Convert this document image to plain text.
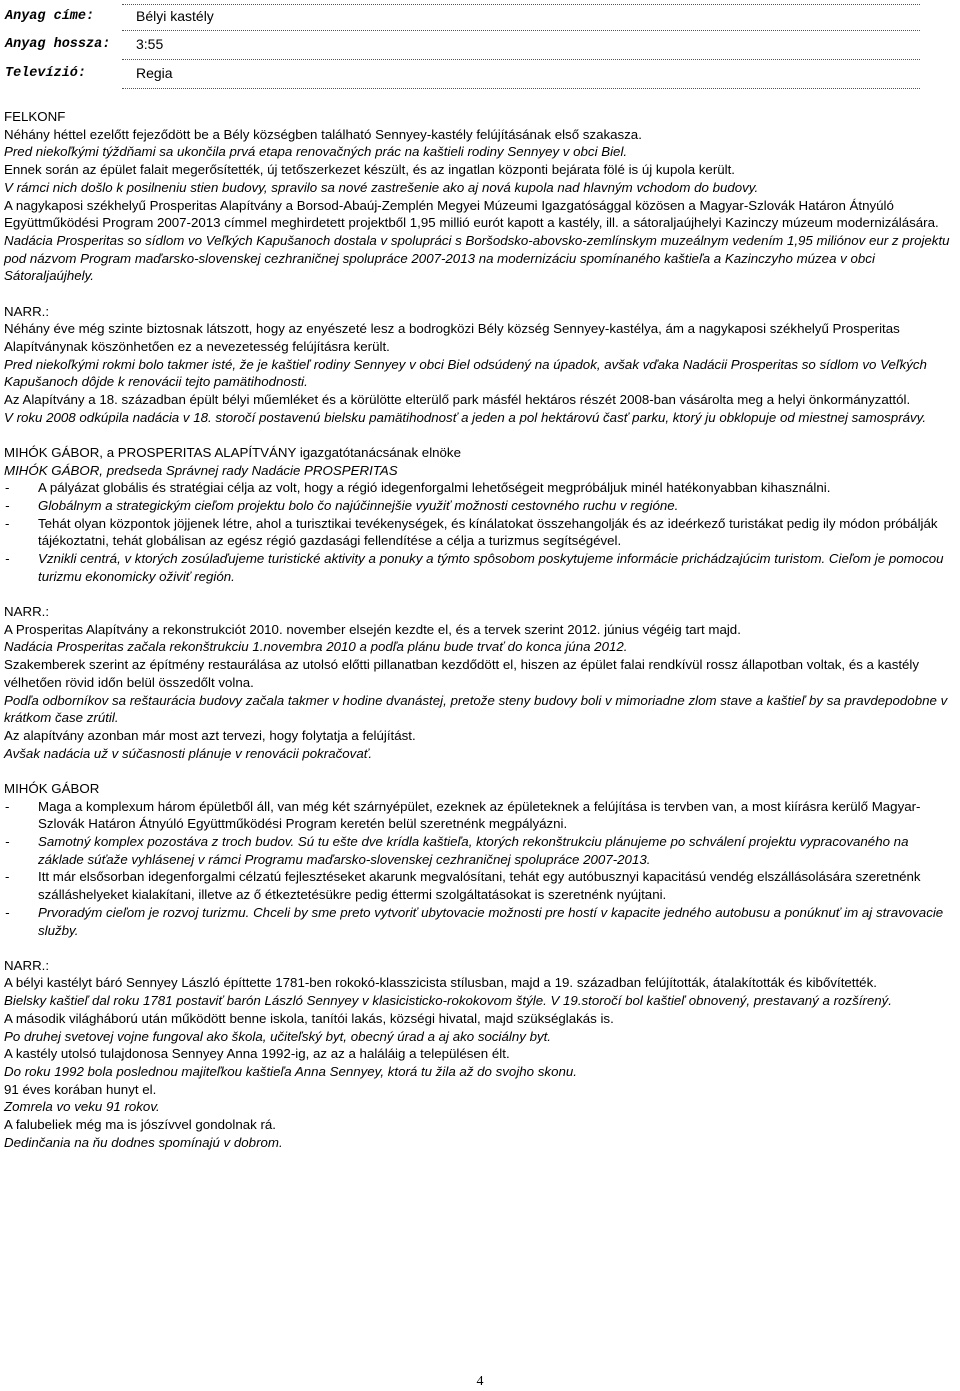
Anyag címe:	Bélyi kastély
Anyag hossza: 3:55
Televízió:	Regia

FELKONF

Néhány héttel ezelőtt fejeződött be a Bély községben található Sennyey-kastély felújításának első szakasza.

Pred niekoľkými týždňami sa ukončila prvá etapa renovačných prác na kaštieli rodiny Sennyey v obci Biel.

Ennek során az épület falait megerősítették, új tetőszerkezet készült, és az ingatlan központi bejárata fölé is új kupola került.

V rámci nich došlo k posilneniu stien budovy, spravilo sa nové zastrešenie ako aj nová kupola nad hlavným vchodom do budovy.

A nagykaposi székhelyű Prosperitas Alapítvány a Borsod-Abaúj-Zemplén Megyei Múzeumi Igazgatósággal közösen a Magyar-Szlovák Határon Átnyúló Együttműködési Program 2007-2013 címmel meghirdetett projektből 1,95 millió eurót kapott a kastély, ill. a sátoraljaújhelyi Kazinczy múzeum modernizálására.

Nadácia Prosperitas so sídlom vo Veľkých Kapušanoch dostala v spolupráci s Boršodsko-abovsko-zemlínskym muzeálnym vedením 1,95 miliónov eur z projektu pod názvom Program maďarsko-slovenskej cezhraničnej spolupráce 2007-2013 na modernizáciu spomínaného kaštieľa a Kazinczyho múzea v obci Sátoraljaújhely.

NARR.:

Néhány éve még szinte biztosnak látszott, hogy az enyészeté lesz a bodrogközi Bély község Sennyey-kastélya, ám a nagykaposi székhelyű Prosperitas Alapítványnak köszönhetően ez a nevezetesség felújításra került.

Pred niekoľkými rokmi bolo takmer isté, že je kaštieľ rodiny Sennyey v obci Biel odsúdený na úpadok, avšak vďaka Nadácii Prosperitas so sídlom vo Veľkých Kapušanoch dôjde k renovácii tejto pamätihodnosti.

Az Alapítvány a 18. században épült bélyi műemléket és a körülötte elterülő park másfél hektáros részét 2008-ban vásárolta meg a helyi önkormányzattól.

V roku 2008 odkúpila nadácia v 18. storočí postavenú bielsku pamätihodnosť a jeden a pol hektárovú časť parku, ktorý ju obklopuje od miestnej samosprávy.

MIHÓK GÁBOR, a PROSPERITAS ALAPÍTVÁNY igazgatótanácsának elnöke

MIHÓK GÁBOR, predseda Správnej rady Nadácie PROSPERITAS

-	A pályázat globális és stratégiai célja az volt, hogy a régió idegenforgalmi lehetőségeit megpróbáljuk minél hatékonyabban kihasználni.
-	Globálnym a strategickým cieľom projektu bolo čo najúčinnejšie využiť možnosti cestovného ruchu v regióne.
-	Tehát olyan központok jöjjenek létre, ahol a turisztikai tevékenységek, és kínálatokat összehangolják és az ideérkező turistákat pedig ily módon próbálják tájékoztatni, tehát globálisan az egész régió gazdasági fellendítése a célja a turizmus segítségével.
-	Vznikli centrá, v ktorých zosúlaďujeme turistické aktivity a ponuky a týmto spôsobom poskytujeme informácie prichádzajúcim turistom. Cieľom je pomocou turizmu ekonomicky oživiť región.

NARR.:

A Prosperitas Alapítvány a rekonstrukciót 2010. november elsején kezdte el, és a tervek szerint 2012. június végéig tart majd.

Nadácia Prosperitas začala rekonštrukciu 1.novembra 2010 a podľa plánu bude trvať do konca júna 2012.

Szakemberek szerint az építmény restaurálása az utolsó előtti pillanatban kezdődött el, hiszen az épület falai rendkívül rossz állapotban voltak, és a kastély vélhetően rövid időn belül összedőlt volna.

Podľa odborníkov sa reštaurácia budovy začala takmer v hodine dvanástej, pretože steny budovy boli v mimoriadne zlom stave a kaštieľ by sa pravdepodobne v krátkom čase zrútil.

Az alapítvány azonban már most azt tervezi, hogy folytatja a felújítást.

Avšak nadácia už v súčasnosti plánuje v renovácii pokračovať.

MIHÓK GÁBOR

-	Maga a komplexum három épületből áll, van még két szárnyépület, ezeknek az épületeknek a felújítása is tervben van, a most kiírásra kerülő Magyar-Szlovák Határon Átnyúló Együttműködési Program keretén belül szeretnénk megpályázni.
-	Samotný komplex pozostáva z troch budov. Sú tu ešte dve krídla kaštieľa, ktorých rekonštrukciu plánujeme po schválení projektu vypracovaného na základe súťaže vyhlásenej v rámci Programu maďarsko-slovenskej cezhraničnej spolupráce 2007-2013.
-	Itt már elsősorban idegenforgalmi célzatú fejlesztéseket akarunk megvalósítani, tehát egy autóbusznyi kapacitású vendég elszállásolására szeretnénk szálláshelyeket kialakítani, illetve az ő étkeztetésükre pedig éttermi szolgáltatásokat is szeretnénk nyújtani.
-	Prvoradým cieľom je rozvoj turizmu. Chceli by sme preto vytvoriť ubytovacie možnosti pre hostí v kapacite jedného autobusu a ponúknuť im aj stravovacie služby.

NARR.:

A bélyi kastélyt báró Sennyey László építtette 1781-ben rokokó-klasszicista stílusban, majd a 19. században felújították, átalakították és kibővítették.

Bielsky kaštieľ dal roku 1781 postaviť barón László Sennyey v klasicisticko-rokokovom štýle. V 19.storočí bol kaštieľ obnovený, prestavaný a rozšírený.

A második világháború után működött benne iskola, tanítói lakás, községi hivatal, majd szükséglakás is.

Po druhej svetovej vojne fungoval ako škola, učiteľský byt, obecný úrad a aj ako sociálny byt.

A kastély utolsó tulajdonosa Sennyey Anna 1992-ig, az az a haláláig a településen élt.

Do roku 1992 bola poslednou majiteľkou kaštieľa Anna Sennyey, ktorá tu žila až do svojho skonu.

91 éves korában hunyt el.

Zomrela vo veku 91 rokov.

A falubeliek még ma is jószívvel gondolnak rá.

Dedinčania na ňu dodnes spomínajú v dobrom.

4
